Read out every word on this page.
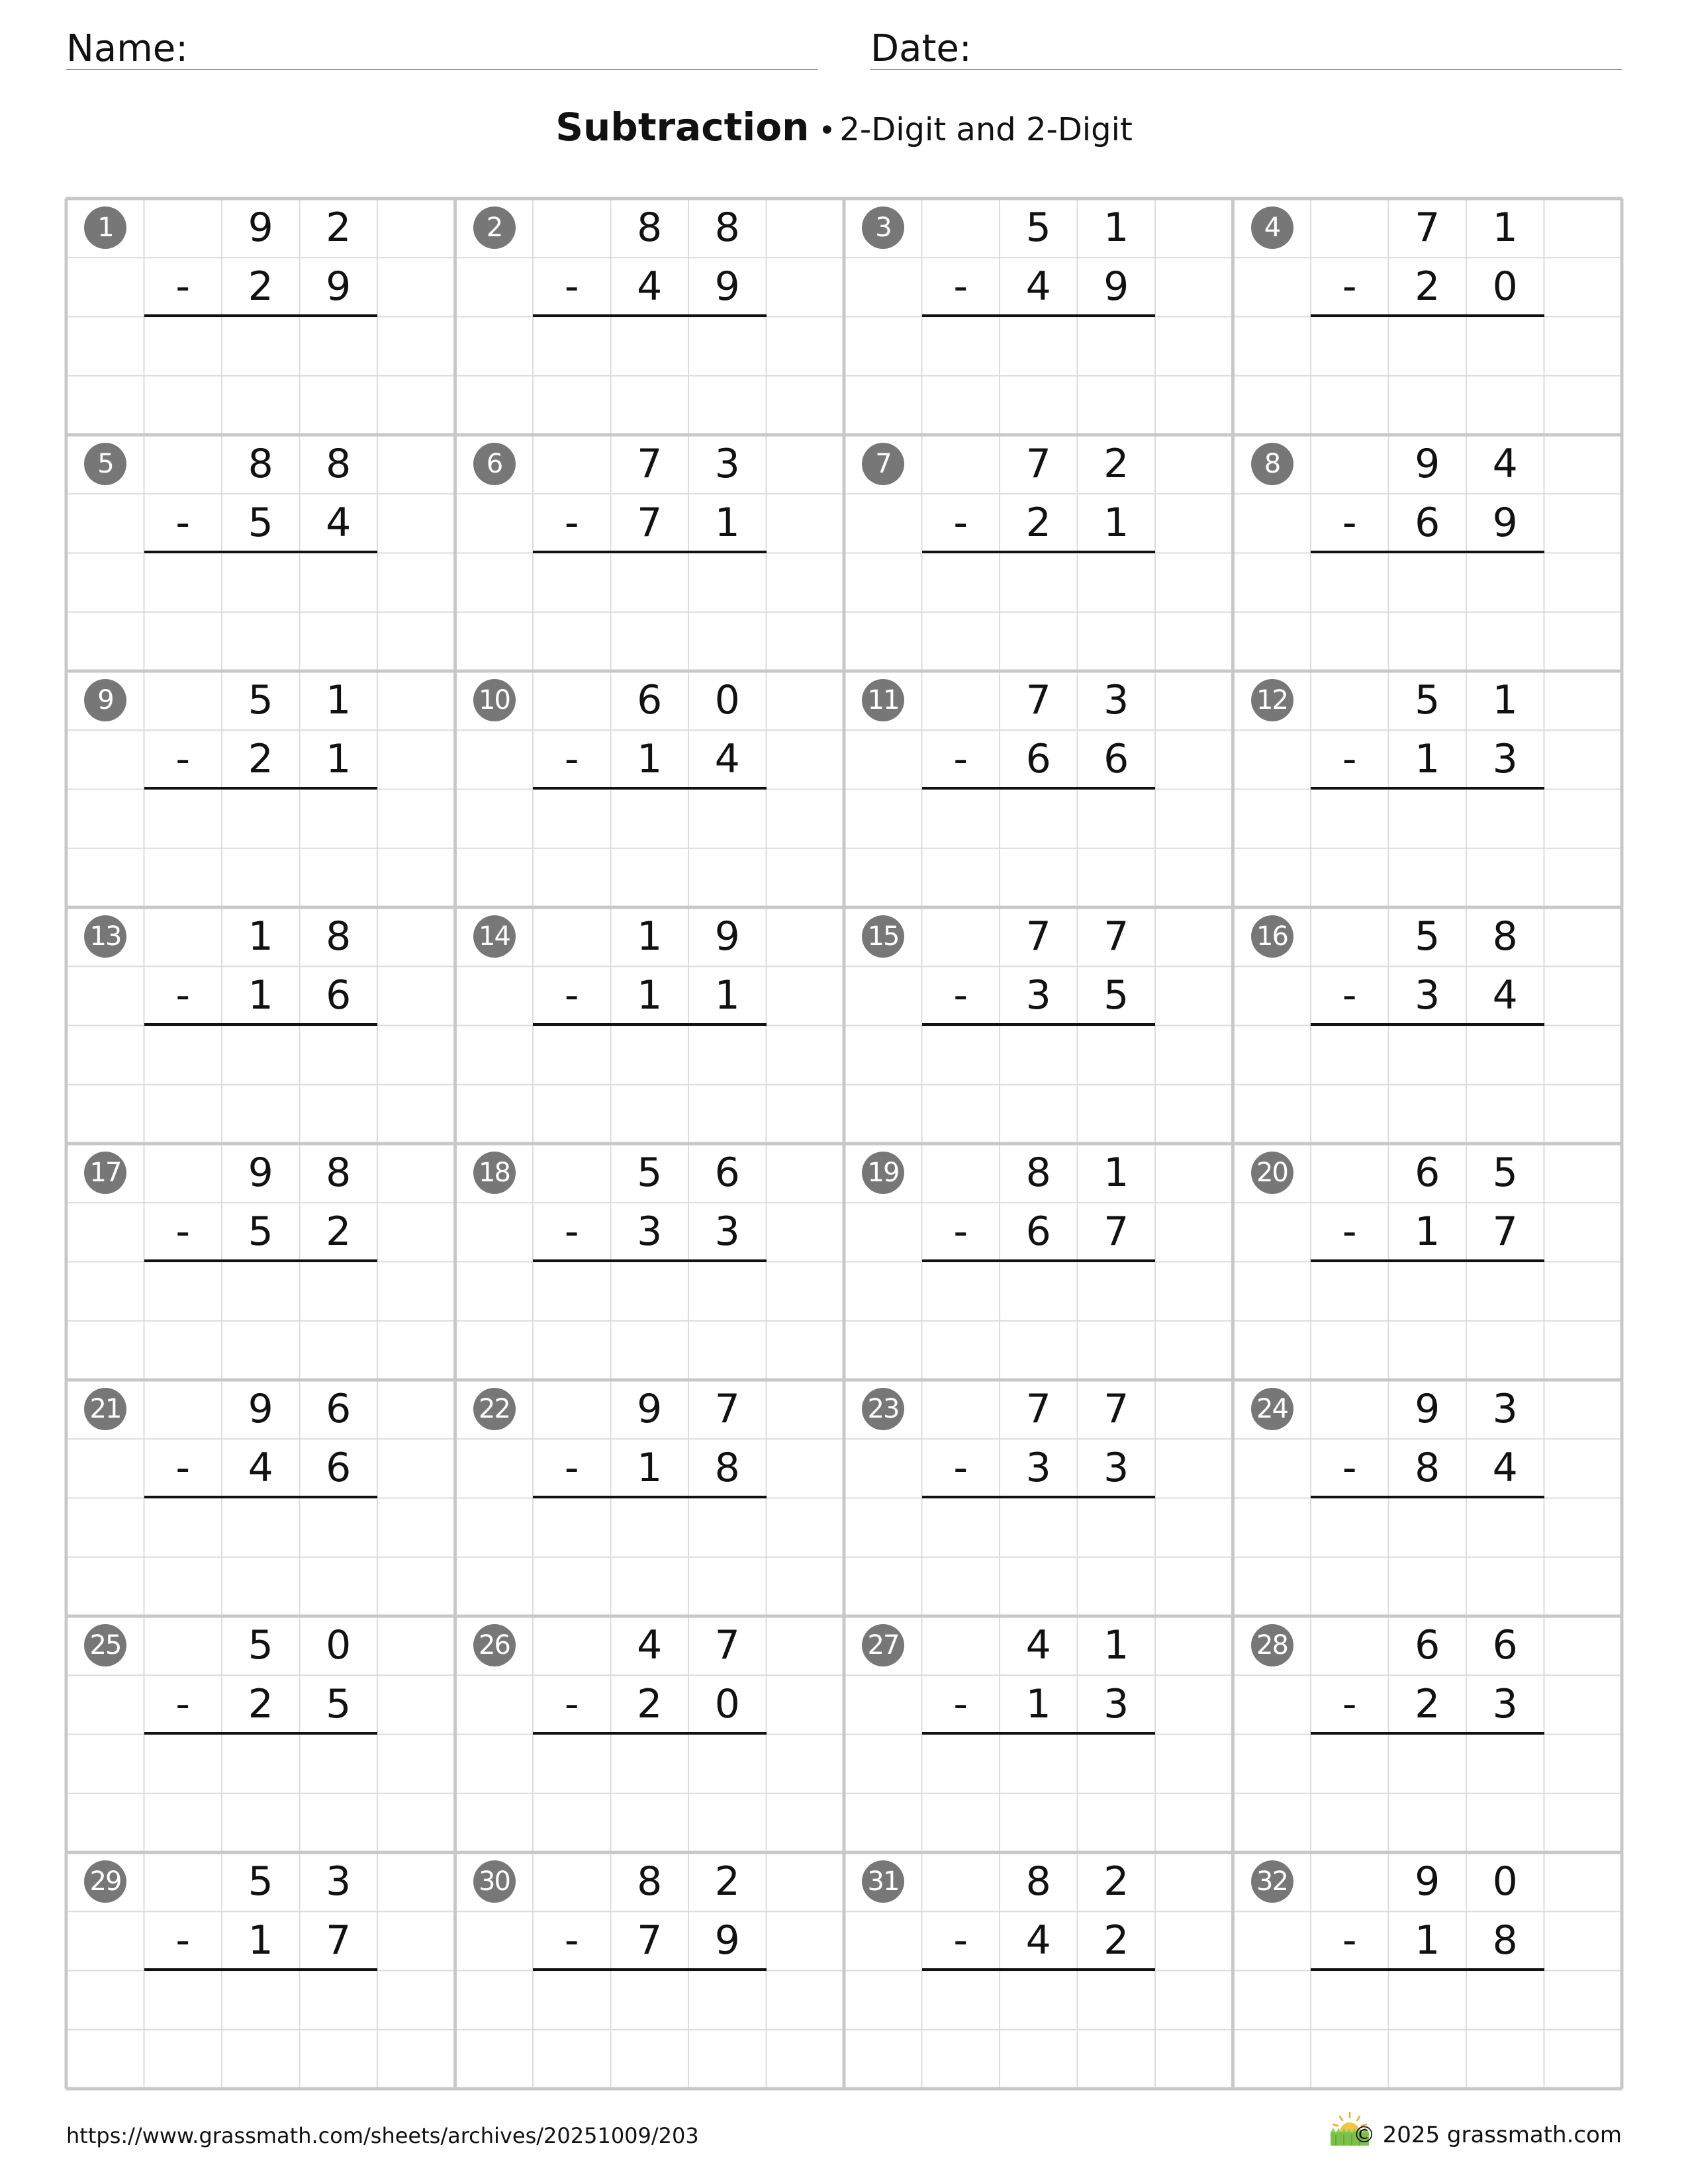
Name:	Date:
Subtraction • 2-Digit and 2-Digit
1	9	2
-	2	9
2	8	8
-	4	9
3	5	1
-	4	9
4	7	1
-	2	0
5	8	8
-	5	4
6	7	3
-	7	1
7	7	2
-	2	1
8	9	4
-	6	9
9	5	1
-	2	1
10	6	0
-	1	4
11	7	3
-	6	6
12	5	1
-	1	3
13	1	8
-	1	6
14	1	9
-	1	1
15	7	7
-	3	5
16	5	8
-	3	4
17	9	8
-	5	2
18	5	6
-	3	3
19	8	1
-	6	7
20	6	5
-	1	7
21	9	6
-	4	6
22	9	7
-	1	8
23	7	7
-	3	3
24	9	3
-	8	4
25	5	0
-	2	5
26	4	7
-	2	0
27	4	1
-	1	3
28	6	6
-	2	3
29	5	3
-	1	7
30	8	2
-	7	9
31	8	2
-	4	2
32	9	0
-	1	8
https://www.grassmath.com/sheets/archives/20251009/203	© 2025 grassmath.com
